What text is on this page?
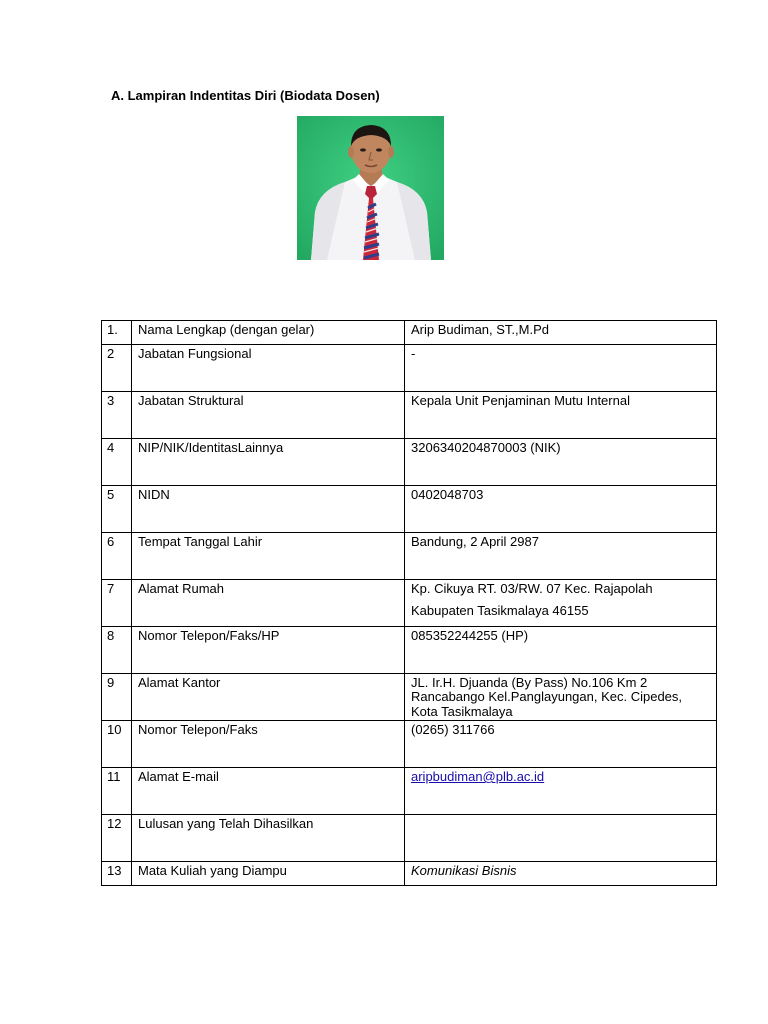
A. Lampiran Indentitas Diri (Biodata Dosen)
1.	Nama Lengkap (dengan gelar)	Arip Budiman, ST.,M.Pd
2	Jabatan Fungsional	-
3	Jabatan Struktural	Kepala Unit Penjaminan Mutu Internal
4	NIP/NIK/IdentitasLainnya	3206340204870003 (NIK)
5	NIDN	0402048703
6	Tempat Tanggal Lahir	Bandung, 2 April 2987
7	Alamat Rumah	Kp. Cikuya RT. 03/RW. 07 Kec. Rajapolah
Kabupaten Tasikmalaya 46155

8	Nomor Telepon/Faks/HP	085352244255 (HP)
9	Alamat Kantor	JL. Ir.H. Djuanda (By Pass) No.106 Km 2
Rancabango Kel.Panglayungan, Kec. Cipedes,
Kota Tasikmalaya

10	Nomor Telepon/Faks	(0265) 311766
11	Alamat E-mail	aripbudiman@plb.ac.id
12	Lulusan yang Telah Dihasilkan	
13	Mata Kuliah yang Diampu	Komunikasi Bisnis
